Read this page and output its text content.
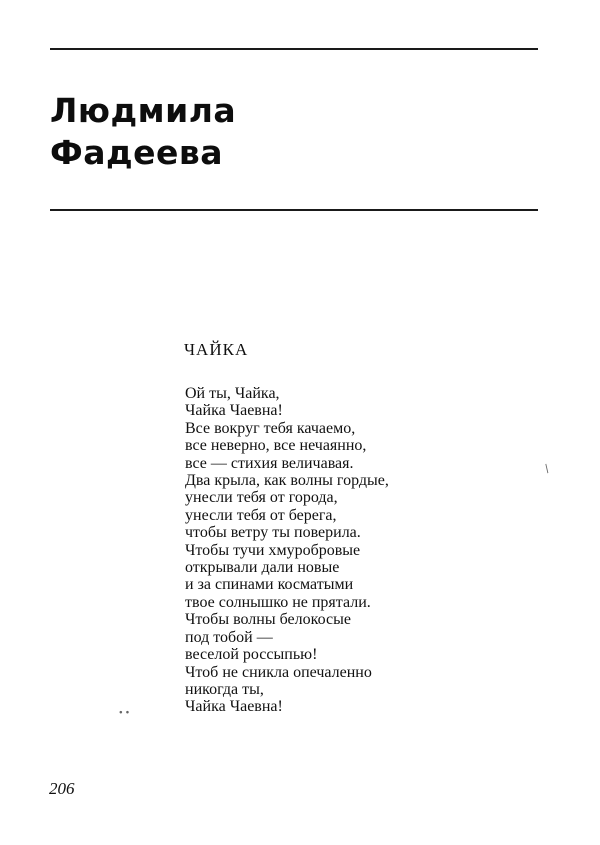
Людмила
Фадеева
ЧАЙКА
Ой ты, Чайка,
Чайка Чаевна!
Все вокруг тебя качаемо,
все неверно, все нечаянно,
все — стихия величавая.
Два крыла, как волны гордые,
унесли тебя от города,
унесли тебя от берега,
чтобы ветру ты поверила.
Чтобы тучи хмуробровые
открывали дали новые
и за спинами косматыми
твое солнышко не прятали.
Чтобы волны белокосые
под тобой —
веселой россыпью!
Чтоб не сникла опечаленно
никогда ты,
Чайка Чаевна!
∕
∙∙
206
